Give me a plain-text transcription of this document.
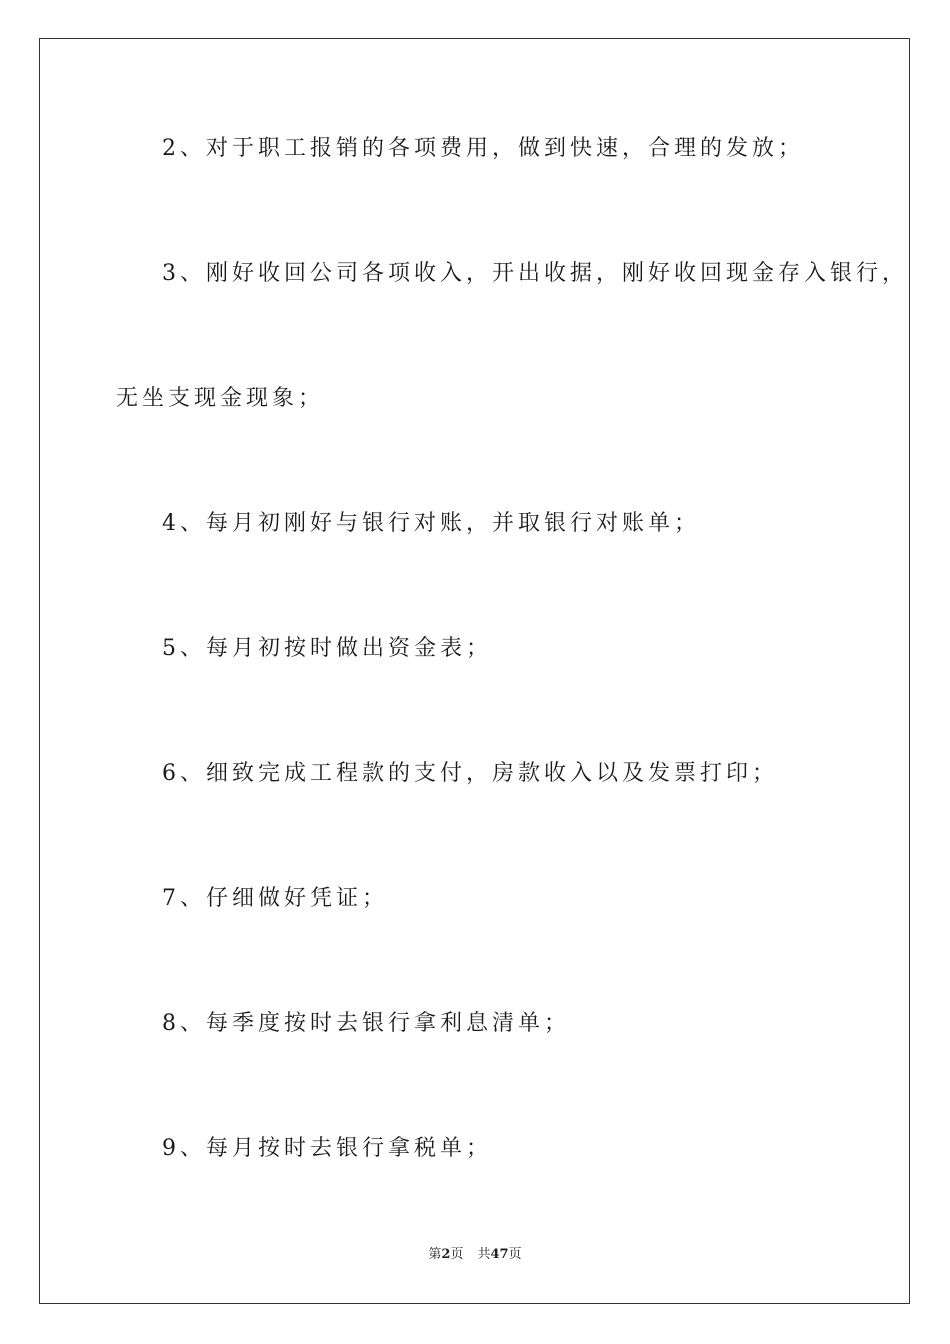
2、对于职工报销的各项费用，做到快速，合理的发放；
3、刚好收回公司各项收入，开出收据，刚好收回现金存入银行，
无坐支现金现象；
4、每月初刚好与银行对账，并取银行对账单；
5、每月初按时做出资金表；
6、细致完成工程款的支付，房款收入以及发票打印；
7、仔细做好凭证；
8、每季度按时去银行拿利息清单；
9、每月按时去银行拿税单；
第2页 共47页
